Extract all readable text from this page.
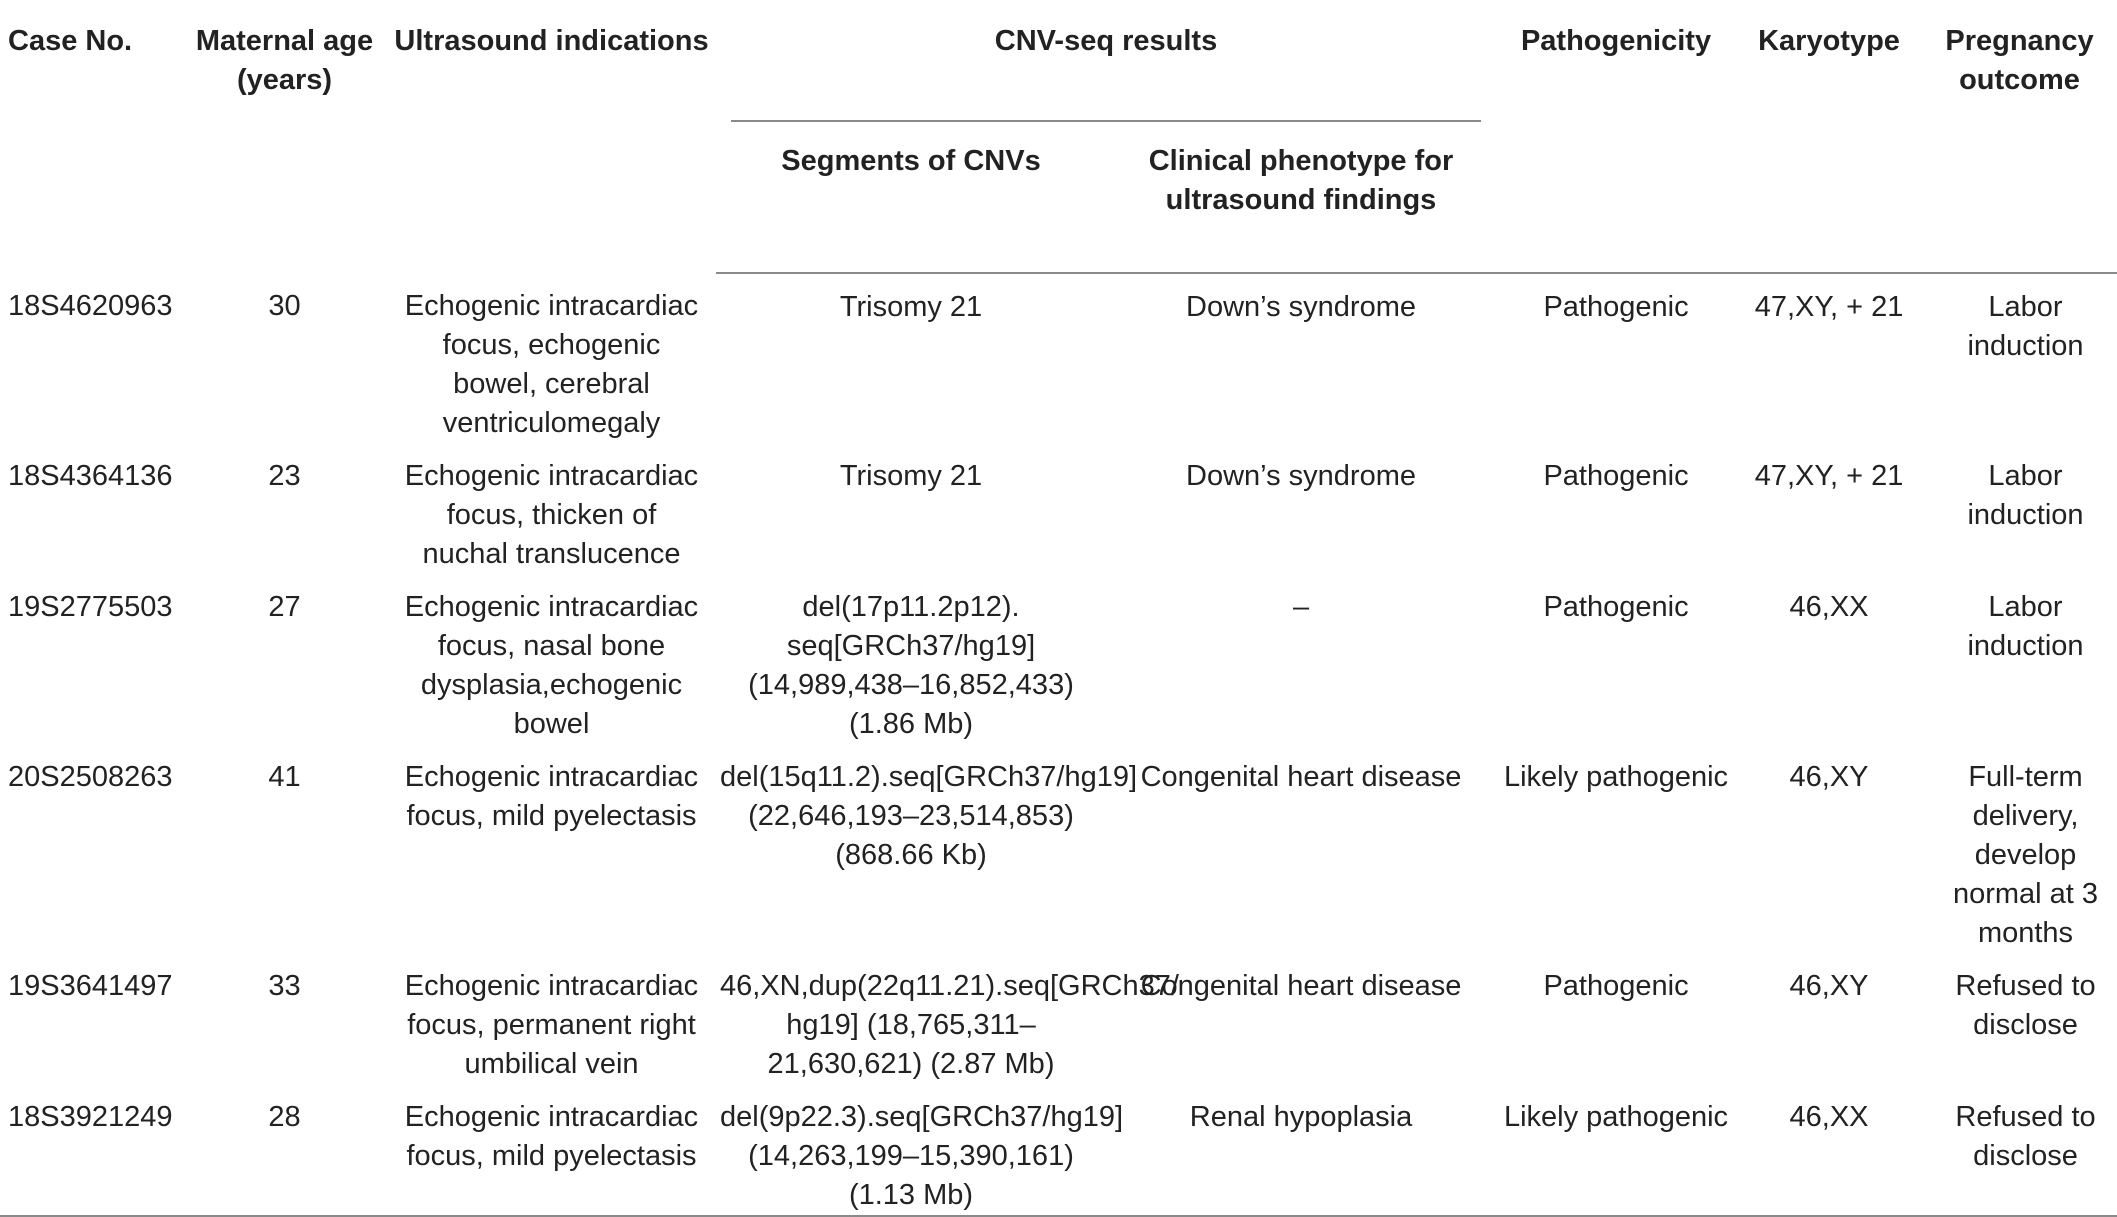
Case No.	Maternal age (years)	Ultrasound indications	CNV-seq results		Pathogenicity	Karyotype	Pregnancy outcome
			Segments of CNVs	Clinical phenotype for ultrasound findings			
18S4620963	30	Echogenic intracardiac focus, echogenic bowel, cerebral ventriculomegaly	Trisomy 21	Down’s syndrome	Pathogenic	47,XY, + 21	Labor induction
18S4364136	23	Echogenic intracardiac focus, thicken of nuchal translucence	Trisomy 21	Down’s syndrome	Pathogenic	47,XY, + 21	Labor induction
19S2775503	27	Echogenic intracardiac focus, nasal bone dysplasia,echogenic bowel	del(17p11.2p12). seq[GRCh37/hg19] (14,989,438–16,852,433) (1.86 Mb)	–	Pathogenic	46,XX	Labor induction
20S2508263	41	Echogenic intracardiac focus, mild pyelectasis	del(15q11.2).seq[GRCh37/hg19] (22,646,193–23,514,853) (868.66 Kb)	Congenital heart disease	Likely pathogenic	46,XY	Full-term delivery, develop normal at 3 months
19S3641497	33	Echogenic intracardiac focus, permanent right umbilical vein	46,XN,dup(22q11.21).seq[GRCh37/ hg19] (18,765,311–21,630,621) (2.87 Mb)	Congenital heart disease	Pathogenic	46,XY	Refused to disclose
18S3921249	28	Echogenic intracardiac focus, mild pyelectasis	del(9p22.3).seq[GRCh37/hg19] (14,263,199–15,390,161) (1.13 Mb)	Renal hypoplasia	Likely pathogenic	46,XX	Refused to disclose
